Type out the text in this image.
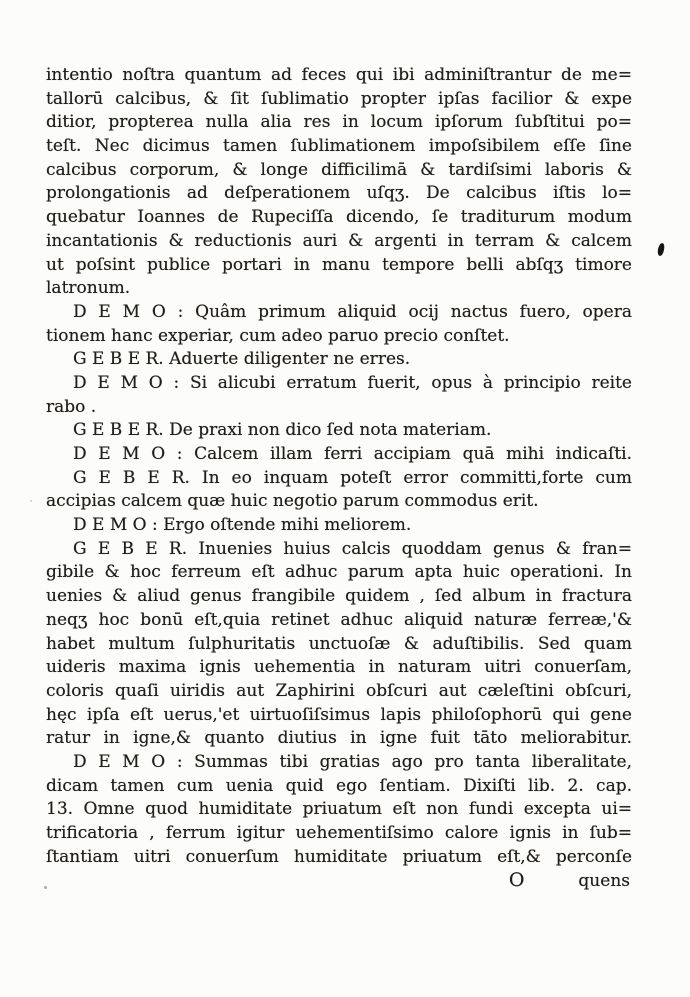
intentio noſtra quantum ad feces qui ibi adminiſtrantur de me=
tallorū calcibus, & ſit ſublimatio propter ipſas facilior & expe
ditior, propterea nulla alia res in locum ipſorum ſubſtitui po=
teſt. Nec dicimus tamen ſublimationem impoſsibilem eſſe ſine
calcibus corporum, & longe difficilimā & tardiſsimi laboris &
prolongationis ad deſperationem uſqʒ. De calcibus iſtis lo=
quebatur Ioannes de Rupeciſſa dicendo, ſe traditurum modum
incantationis & reductionis auri & argenti in terram & calcem
ut poſsint publice portari in manu tempore belli abſqʒ timore
latronum.
D E M O : Quâm primum aliquid ocij nactus fuero, opera
tionem hanc experiar, cum adeo paruo precio conſtet.
G E B E R. Aduerte diligenter ne erres.
D E M O : Si alicubi erratum fuerit, opus à principio reite
rabo .
G E B E R. De praxi non dico ſed nota materiam.
D E M O : Calcem illam ferri accipiam quā mihi indicaſti.
G E B E R. In eo inquam poteſt error committi,forte cum
accipias calcem quæ huic negotio parum commodus erit.
D E M O : Ergo oſtende mihi meliorem.
G E B E R. Inuenies huius calcis quoddam genus & fran=
gibile & hoc ferreum eſt adhuc parum apta huic operationi. In
uenies & aliud genus frangibile quidem , ſed album in fractura
neqʒ hoc bonū eſt,quia retinet adhuc aliquid naturæ ferreæ,'&
habet multum ſulphuritatis unctuoſæ & aduſtibilis. Sed quam
uideris maxima ignis uehementia in naturam uitri conuerſam,
coloris quaſi uiridis aut Zaphirini obſcuri aut cæleſtini obſcuri,
hęc ipſa eſt uerus,'et uirtuoſiſsimus lapis philoſophorū qui gene
ratur in igne,& quanto diutius in igne fuit tāto meliorabitur.
D E M O : Summas tibi gratias ago pro tanta liberalitate,
dicam tamen cum uenia quid ego ſentiam. Dixiſti lib. 2. cap.
13. Omne quod humiditate priuatum eſt non fundi excepta ui=
trificatoria , ferrum igitur uehementiſsimo calore ignis in ſub=
ſtantiam uitri conuerſum humiditate priuatum eſt,& perconſe
O	quens
